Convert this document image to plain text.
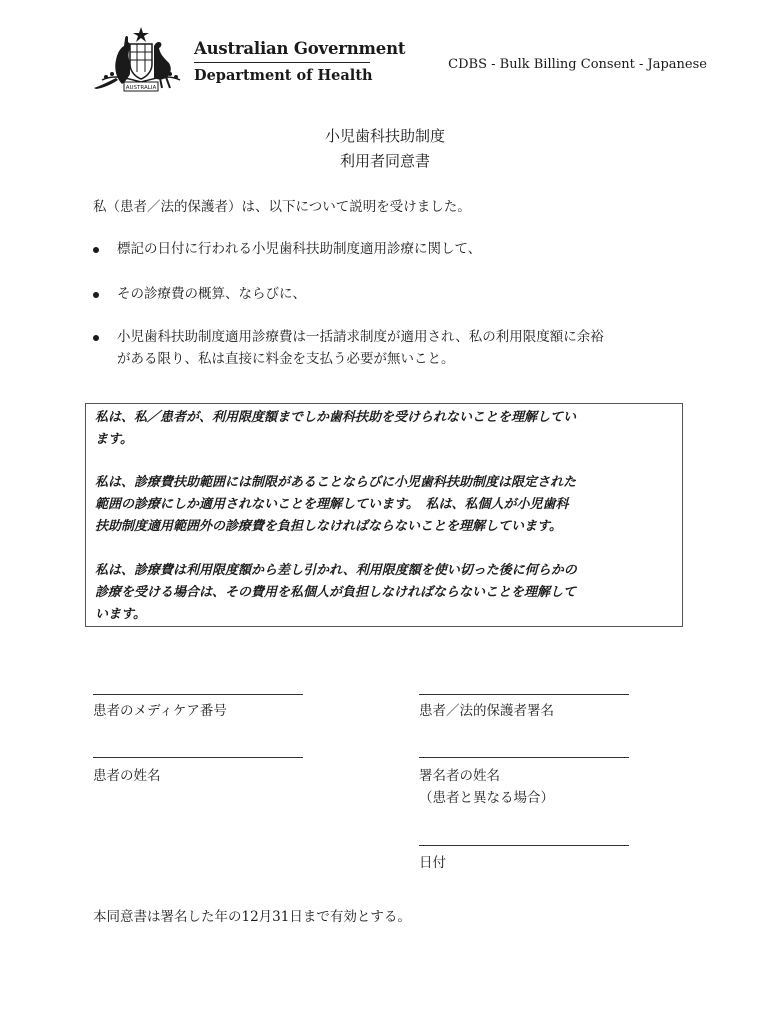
AUSTRALIA
Australian Government
Department of Health
CDBS - Bulk Billing Consent - Japanese
小児歯科扶助制度
利用者同意書
私（患者／法的保護者）は、以下について説明を受けました。
標記の日付に行われる小児歯科扶助制度適用診療に関して、
その診療費の概算、ならびに、
小児歯科扶助制度適用診療費は一括請求制度が適用され、私の利用限度額に余裕
がある限り、私は直接に料金を支払う必要が無いこと。
私は、私／患者が、利用限度額までしか歯科扶助を受けられないことを理解してい
ます。
私は、診療費扶助範囲には制限があることならびに小児歯科扶助制度は限定された
範囲の診療にしか適用されないことを理解しています。　私は、私個人が小児歯科
扶助制度適用範囲外の診療費を負担しなければならないことを理解しています。
私は、診療費は利用限度額から差し引かれ、利用限度額を使い切った後に何らかの
診療を受ける場合は、その費用を私個人が負担しなければならないことを理解して
います。
患者のメディケア番号	患者／法的保護者署名
患者の姓名	署名者の姓名
（患者と異なる場合）
日付
本同意書は署名した年の12月31日まで有効とする。
